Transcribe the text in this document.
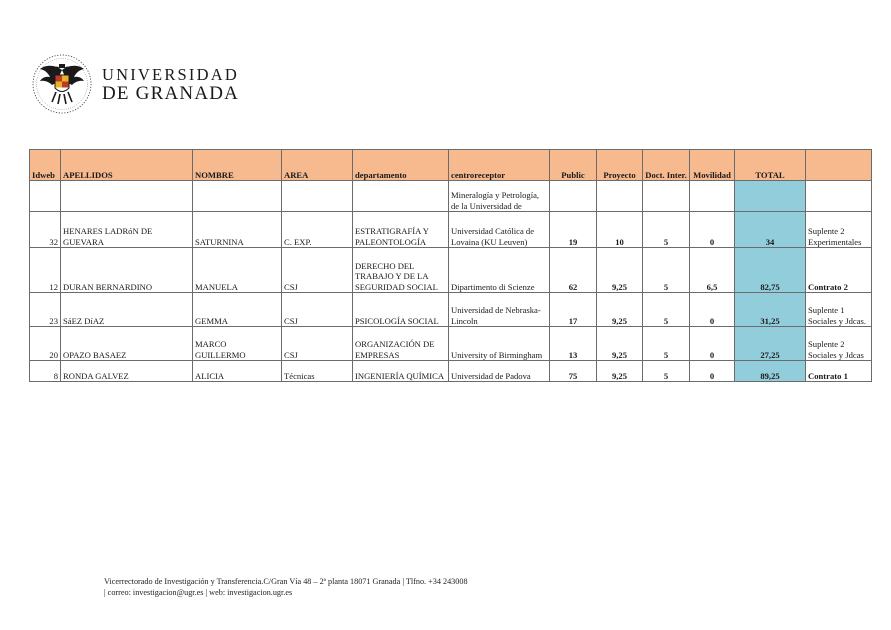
UNIVERSIDAD
DE GRANADA
Idweb	APELLIDOS	NOMBRE	AREA	departamento	centroreceptor	Public	Proyecto	Doct. Inter.	Movilidad	TOTAL	
					Mineralogía y Petrología, de la Universidad de						
32	HENARES LADRóN DE GUEVARA	SATURNINA	C. EXP.	ESTRATIGRAFÍA Y PALEONTOLOGÍA	Universidad Católica de Lovaina (KU Leuven)	19	10	5	0	34	Suplente 2 Experimentales
12	DURAN BERNARDINO	MANUELA	CSJ	DERECHO DEL TRABAJO Y DE LA SEGURIDAD SOCIAL	Dipartimento di Scienze	62	9,25	5	6,5	82,75	Contrato 2
23	SáEZ DíAZ	GEMMA	CSJ	PSICOLOGÍA SOCIAL	Universidad de Nebraska-Lincoln	17	9,25	5	0	31,25	Suplente 1 Sociales y Jdcas.
20	OPAZO BASAEZ	MARCO GUILLERMO	CSJ	ORGANIZACIÓN DE EMPRESAS	University of Birmingham	13	9,25	5	0	27,25	Suplente 2 Sociales y Jdcas
8	RONDA GALVEZ	ALICIA	Técnicas	INGENIERÍA QUÍMICA	Universidad de Padova	75	9,25	5	0	89,25	Contrato 1
Vicerrectorado de Investigación y Transferencia.C/Gran Vía 48 – 2ª planta 18071 Granada | Tlfno. +34 243008
| correo: investigacion@ugr.es | web: investigacion.ugr.es
